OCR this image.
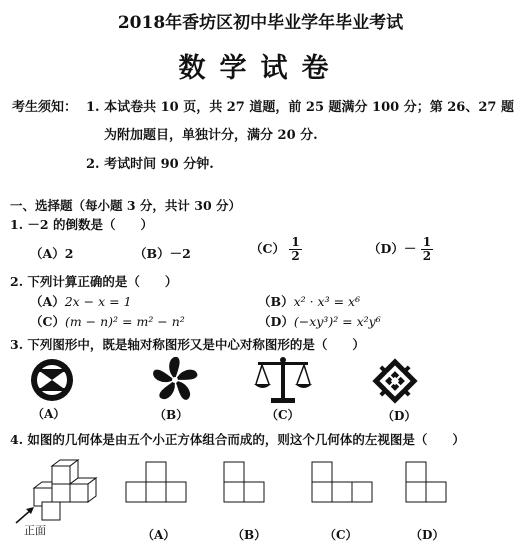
2018年香坊区初中毕业学年毕业考试
数学试卷
考生须知： 1. 本试卷共 10 页，共 27 道题，前 25 题满分 100 分；第 26、27 题
为附加题目，单独计分，满分 20 分.
2. 考试时间 90 分钟.
一、选择题（每小题 3 分，共计 30 分）
1. －2 的倒数是（　　）
（A）2	（B）－2	$(C) \frac{1}{2}$	$(D)- \frac{1}{2}$
2. 下列计算正确的是（　　）
（A）2x − x = 1	（B）x² · x³ = x⁶
（C）(m − n)² = m² − n²	（D）(−xy³)² = x²y⁶
3. 下列图形中，既是轴对称图形又是中心对称图形的是（　　）
（A）	（B）	（C）	（D）
4. 如图的几何体是由五个小正方体组合而成的，则这个几何体的左视图是（　　）
正面	（A）	（B）	（C）	（D）
